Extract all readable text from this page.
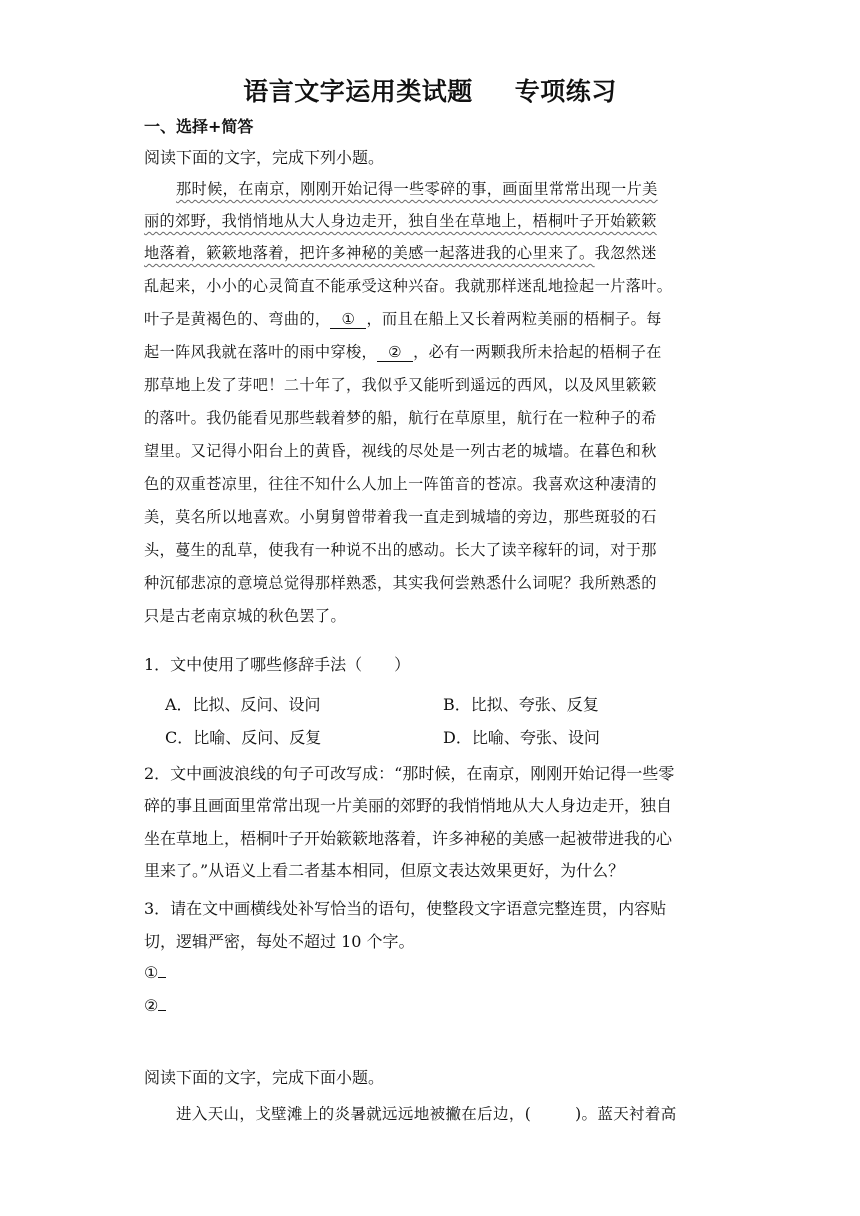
语言文字运用类试题 专项练习
一、选择+简答
阅读下面的文字，完成下列小题。
那时候，在南京，刚刚开始记得一些零碎的事，画面里常常出现一片美
丽的郊野，我悄悄地从大人身边走开，独自坐在草地上，梧桐叶子开始簌簌
地落着，簌簌地落着，把许多神秘的美感一起落进我的心里来了。我忽然迷
乱起来，小小的心灵简直不能承受这种兴奋。我就那样迷乱地捡起一片落叶。
叶子是黄褐色的、弯曲的， ① ，而且在船上又长着两粒美丽的梧桐子。每
起一阵风我就在落叶的雨中穿梭， ② ，必有一两颗我所未拾起的梧桐子在
那草地上发了芽吧！二十年了，我似乎又能听到遥远的西风，以及风里簌簌
的落叶。我仍能看见那些载着梦的船，航行在草原里，航行在一粒种子的希
望里。又记得小阳台上的黄昏，视线的尽处是一列古老的城墙。在暮色和秋
色的双重苍凉里，往往不知什么人加上一阵笛音的苍凉。我喜欢这种凄清的
美，莫名所以地喜欢。小舅舅曾带着我一直走到城墙的旁边，那些斑驳的石
头，蔓生的乱草，使我有一种说不出的感动。长大了读辛稼轩的词，对于那
种沉郁悲凉的意境总觉得那样熟悉，其实我何尝熟悉什么词呢？我所熟悉的
只是古老南京城的秋色罢了。
1．文中使用了哪些修辞手法（　　）
A．比拟、反问、设问	B．比拟、夸张、反复
C．比喻、反问、反复	D．比喻、夸张、设问
2．文中画波浪线的句子可改写成：“那时候，在南京，刚刚开始记得一些零
碎的事且画面里常常出现一片美丽的郊野的我悄悄地从大人身边走开，独自
坐在草地上，梧桐叶子开始簌簌地落着，许多神秘的美感一起被带进我的心
里来了。”从语义上看二者基本相同，但原文表达效果更好，为什么？
3．请在文中画横线处补写恰当的语句，使整段文字语意完整连贯，内容贴
切，逻辑严密，每处不超过 10 个字。
①
②
阅读下面的文字，完成下面小题。
进入天山，戈壁滩上的炎暑就远远地被撇在后边，(	)。蓝天衬着高
